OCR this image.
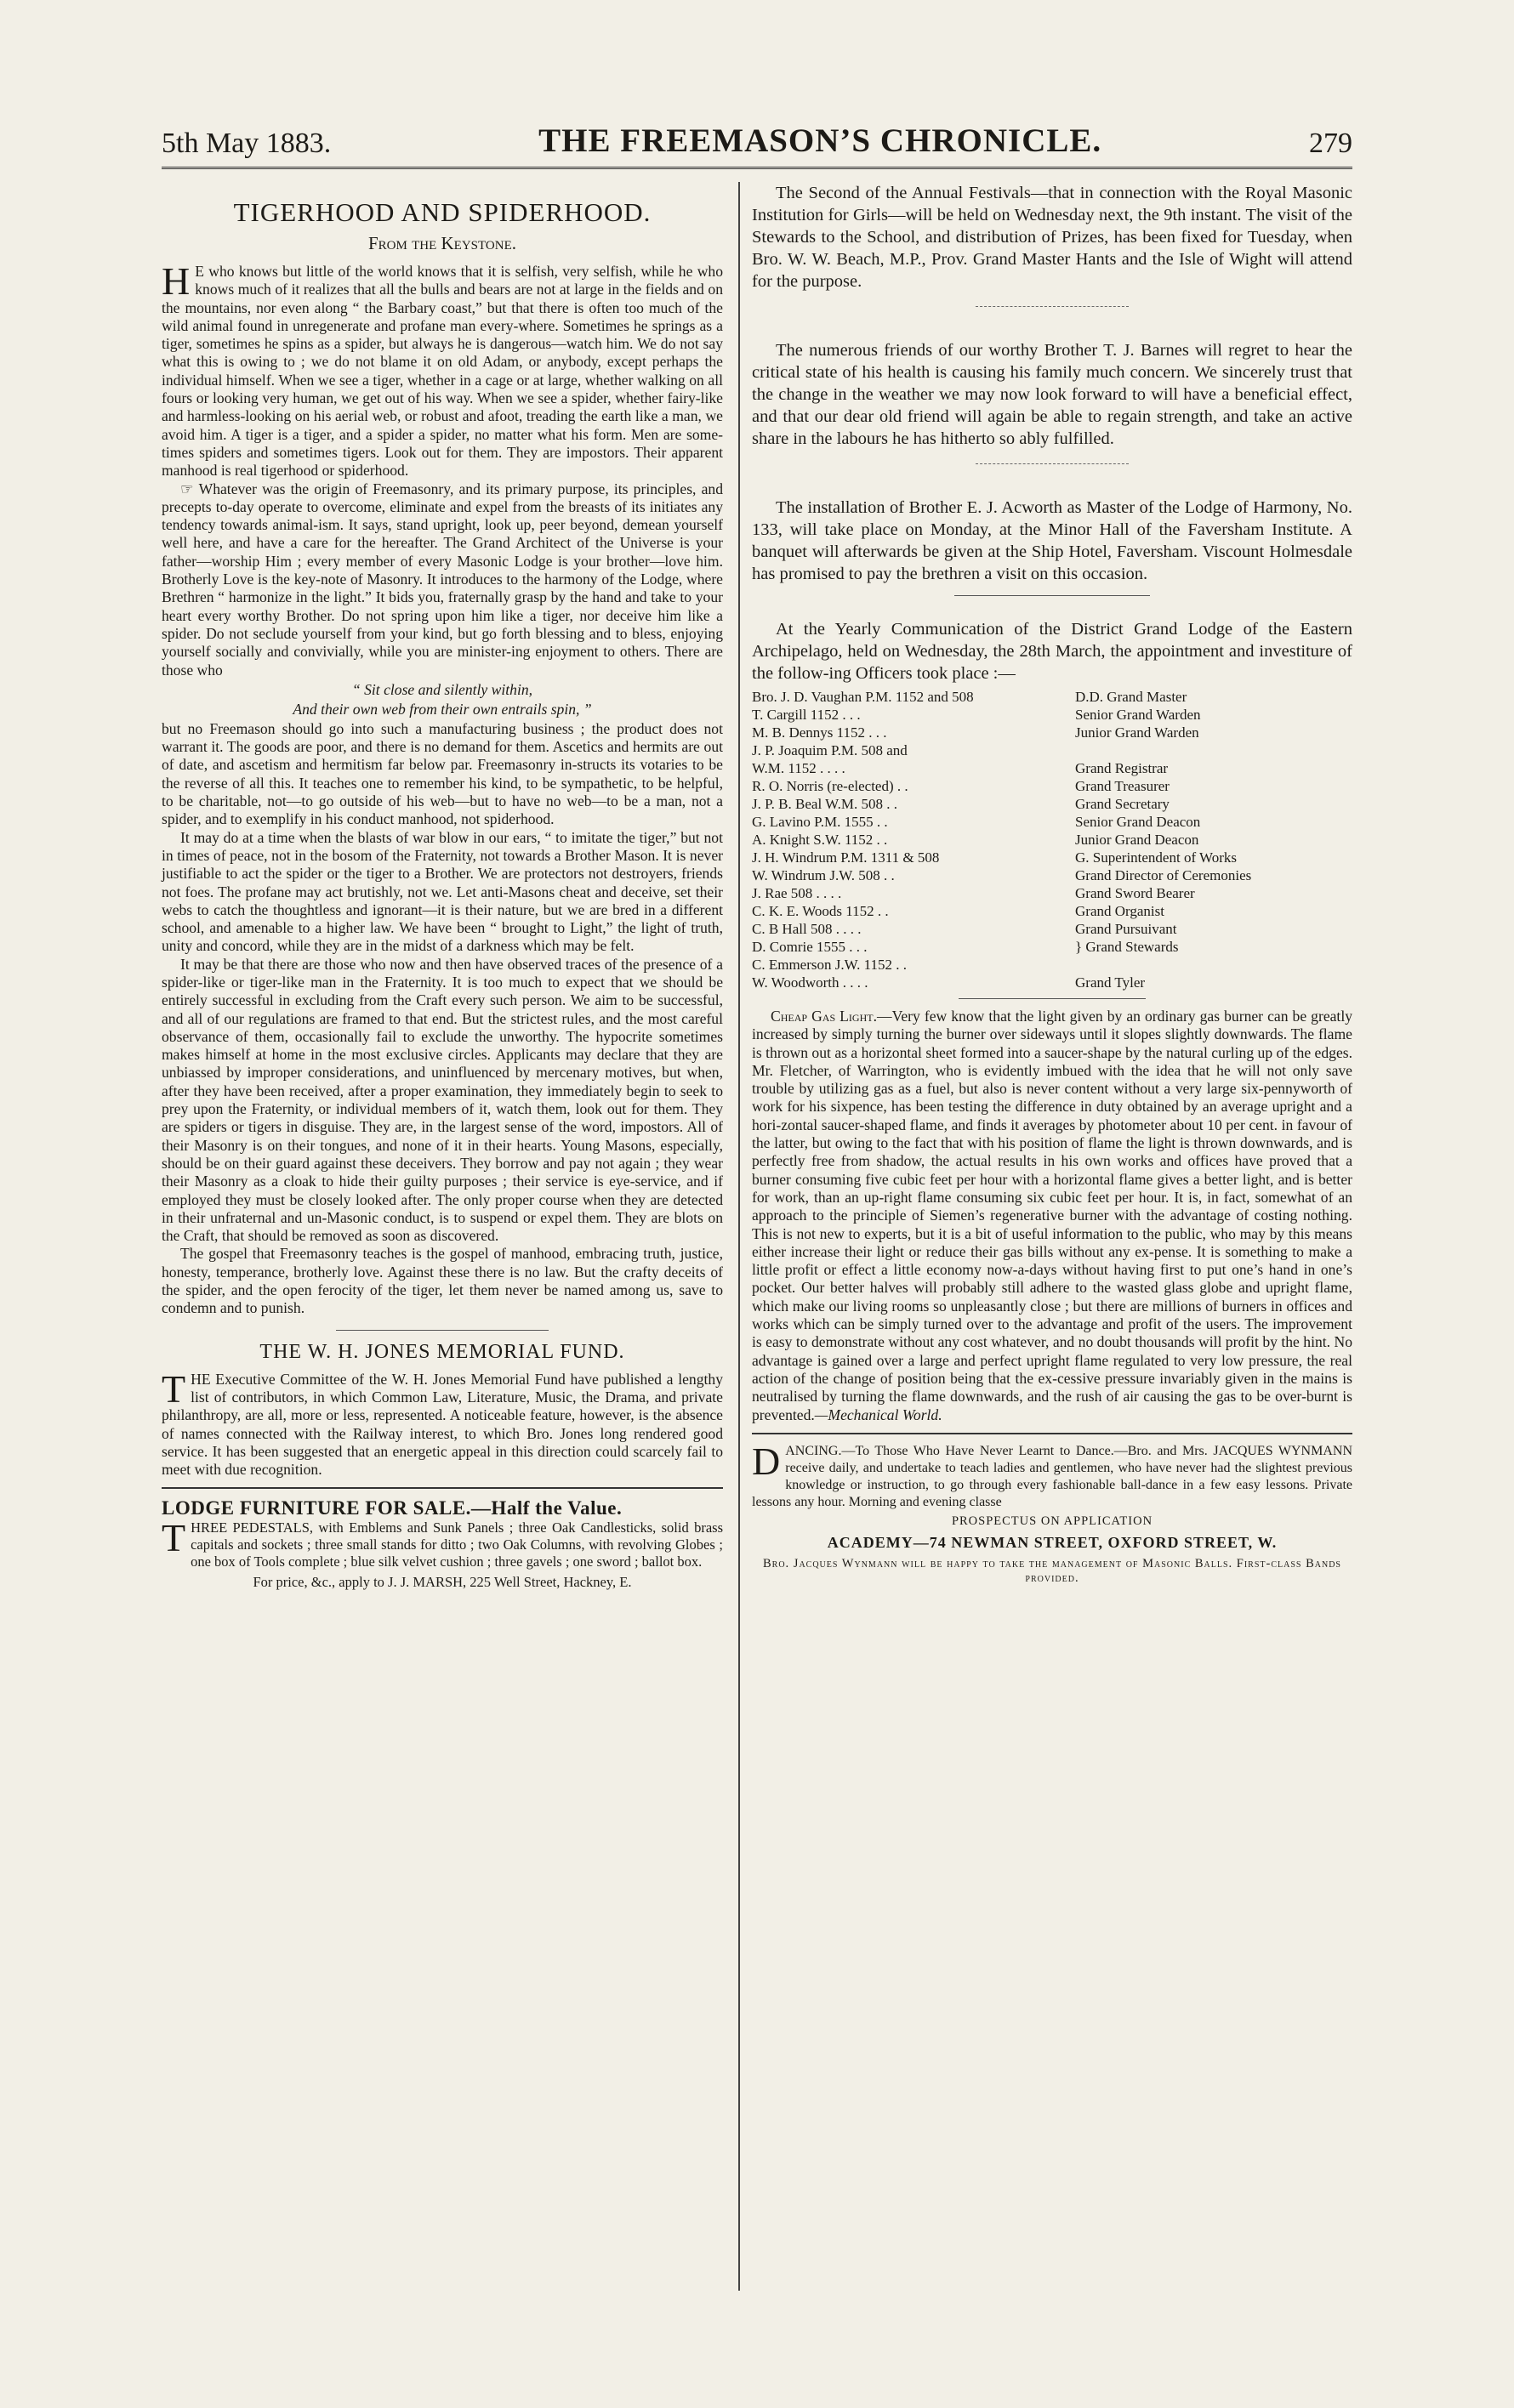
5th May 1883.	THE FREEMASON’S CHRONICLE.	279
TIGERHOOD AND SPIDERHOOD.
From the Keystone.

H E who knows but little of the world knows that it is selfish, very selfish, while he who knows much of it realizes that all the bulls and bears are not at large in the fields and on the mountains, nor even along “ the Barbary coast,” but that there is often too much of the wild animal found in unregenerate and profane man every-where. Sometimes he springs as a tiger, sometimes he spins as a spider, but always he is dangerous—watch him. We do not say what this is owing to ; we do not blame it on old Adam, or anybody, except perhaps the individual himself. When we see a tiger, whether in a cage or at large, whether walking on all fours or looking very human, we get out of his way. When we see a spider, whether fairy-like and harmless-looking on his aerial web, or robust and afoot, treading the earth like a man, we avoid him. A tiger is a tiger, and a spider a spider, no matter what his form. Men are some-times spiders and sometimes tigers. Look out for them. They are impostors. Their apparent manhood is real tigerhood or spiderhood.

☞ Whatever was the origin of Freemasonry, and its primary purpose, its principles, and precepts to-day operate to overcome, eliminate and expel from the breasts of its initiates any tendency towards animal-ism. It says, stand upright, look up, peer beyond, demean yourself well here, and have a care for the hereafter. The Grand Architect of the Universe is your father—worship Him ; every member of every Masonic Lodge is your brother—love him. Brotherly Love is the key-note of Masonry. It introduces to the harmony of the Lodge, where Brethren “ harmonize in the light.” It bids you, fraternally grasp by the hand and take to your heart every worthy Brother. Do not spring upon him like a tiger, nor deceive him like a spider. Do not seclude yourself from your kind, but go forth blessing and to bless, enjoying yourself socially and convivially, while you are minister-ing enjoyment to others. There are those who

“ Sit close and silently within,
And their own web from their own entrails spin, ”

but no Freemason should go into such a manufacturing business ; the product does not warrant it. The goods are poor, and there is no demand for them. Ascetics and hermits are out of date, and ascetism and hermitism far below par. Freemasonry in-structs its votaries to be the reverse of all this. It teaches one to remember his kind, to be sympathetic, to be helpful, to be charitable, not—to go outside of his web—but to have no web—to be a man, not a spider, and to exemplify in his conduct manhood, not spiderhood.

It may do at a time when the blasts of war blow in our ears, “ to imitate the tiger,” but not in times of peace, not in the bosom of the Fraternity, not towards a Brother Mason. It is never justifiable to act the spider or the tiger to a Brother. We are protectors not destroyers, friends not foes. The profane may act brutishly, not we. Let anti-Masons cheat and deceive, set their webs to catch the thoughtless and ignorant—it is their nature, but we are bred in a different school, and amenable to a higher law. We have been “ brought to Light,” the light of truth, unity and concord, while they are in the midst of a darkness which may be felt.

It may be that there are those who now and then have observed traces of the presence of a spider-like or tiger-like man in the Fraternity. It is too much to expect that we should be entirely successful in excluding from the Craft every such person. We aim to be successful, and all of our regulations are framed to that end. But the strictest rules, and the most careful observance of them, occasionally fail to exclude the unworthy. The hypocrite sometimes makes himself at home in the most exclusive circles. Applicants may declare that they are unbiassed by improper considerations, and uninfluenced by mercenary motives, but when, after they have been received, after a proper examination, they immediately begin to seek to prey upon the Fraternity, or individual members of it, watch them, look out for them. They are spiders or tigers in disguise. They are, in the largest sense of the word, impostors. All of their Masonry is on their tongues, and none of it in their hearts. Young Masons, especially, should be on their guard against these deceivers. They borrow and pay not again ; they wear their Masonry as a cloak to hide their guilty purposes ; their service is eye-service, and if employed they must be closely looked after. The only proper course when they are detected in their unfraternal and un-Masonic conduct, is to suspend or expel them. They are blots on the Craft, that should be removed as soon as discovered.

The gospel that Freemasonry teaches is the gospel of manhood, embracing truth, justice, honesty, temperance, brotherly love. Against these there is no law. But the crafty deceits of the spider, and the open ferocity of the tiger, let them never be named among us, save to condemn and to punish.

THE W. H. JONES MEMORIAL FUND.

THE Executive Committee of the W. H. Jones Memorial Fund have published a lengthy list of contributors, in which Common Law, Literature, Music, the Drama, and private philanthropy, are all, more or less, represented. A noticeable feature, however, is the absence of names connected with the Railway interest, to which Bro. Jones long rendered good service. It has been suggested that an energetic appeal in this direction could scarcely fail to meet with due recognition.

LODGE FURNITURE FOR SALE.—Half the Value.
THREE PEDESTALS, with Emblems and Sunk Panels ; three Oak Candlesticks, solid brass capitals and sockets ; three small stands for ditto ; two Oak Columns, with revolving Globes ; one box of Tools complete ; blue silk velvet cushion ; three gavels ; one sword ; ballot box.
For price, &c., apply to J. J. MARSH, 225 Well Street, Hackney, E.

The Second of the Annual Festivals—that in connection with the Royal Masonic Institution for Girls—will be held on Wednesday next, the 9th instant. The visit of the Stewards to the School, and distribution of Prizes, has been fixed for Tuesday, when Bro. W. W. Beach, M.P., Prov. Grand Master Hants and the Isle of Wight will attend for the purpose.

The numerous friends of our worthy Brother T. J. Barnes will regret to hear the critical state of his health is causing his family much concern. We sincerely trust that the change in the weather we may now look forward to will have a beneficial effect, and that our dear old friend will again be able to regain strength, and take an active share in the labours he has hitherto so ably fulfilled.

The installation of Brother E. J. Acworth as Master of the Lodge of Harmony, No. 133, will take place on Monday, at the Minor Hall of the Faversham Institute. A banquet will afterwards be given at the Ship Hotel, Faversham. Viscount Holmesdale has promised to pay the brethren a visit on this occasion.

At the Yearly Communication of the District Grand Lodge of the Eastern Archipelago, held on Wednesday, the 28th March, the appointment and investiture of the follow-ing Officers took place :—

Bro. J. D. Vaughan P.M. 1152 and 508	D.D. Grand Master
T. Cargill 1152 . . .	Senior Grand Warden
M. B. Dennys 1152 . . .	Junior Grand Warden
J. P. Joaquim P.M. 508 and
W.M. 1152 . . . .	Grand Registrar
R. O. Norris (re-elected) . .	Grand Treasurer
J. P. B. Beal W.M. 508 . .	Grand Secretary
G. Lavino P.M. 1555 . .	Senior Grand Deacon
A. Knight S.W. 1152 . .	Junior Grand Deacon
J. H. Windrum P.M. 1311 & 508	G. Superintendent of Works
W. Windrum J.W. 508 . .	Grand Director of Ceremonies
J. Rae 508 . . . .	Grand Sword Bearer
C. K. E. Woods 1152 . .	Grand Organist
C. B Hall 508 . . . .	Grand Pursuivant
D. Comrie 1555 . . .	} Grand Stewards
C. Emmerson J.W. 1152 . .
W. Woodworth . . . .	Grand Tyler

Cheap Gas Light.—Very few know that the light given by an ordinary gas burner can be greatly increased by simply turning the burner over sideways until it slopes slightly downwards. The flame is thrown out as a horizontal sheet formed into a saucer-shape by the natural curling up of the edges. Mr. Fletcher, of Warrington, who is evidently imbued with the idea that he will not only save trouble by utilizing gas as a fuel, but also is never content without a very large six-pennyworth of work for his sixpence, has been testing the difference in duty obtained by an average upright and a hori-zontal saucer-shaped flame, and finds it averages by photometer about 10 per cent. in favour of the latter, but owing to the fact that with his position of flame the light is thrown downwards, and is perfectly free from shadow, the actual results in his own works and offices have proved that a burner consuming five cubic feet per hour with a horizontal flame gives a better light, and is better for work, than an up-right flame consuming six cubic feet per hour. It is, in fact, somewhat of an approach to the principle of Siemen’s regenerative burner with the advantage of costing nothing. This is not new to experts, but it is a bit of useful information to the public, who may by this means either increase their light or reduce their gas bills without any ex-pense. It is something to make a little profit or effect a little economy now-a-days without having first to put one’s hand in one’s pocket. Our better halves will probably still adhere to the wasted glass globe and upright flame, which make our living rooms so unpleasantly close ; but there are millions of burners in offices and works which can be simply turned over to the advantage and profit of the users. The improvement is easy to demonstrate without any cost whatever, and no doubt thousands will profit by the hint. No advantage is gained over a large and perfect upright flame regulated to very low pressure, the real action of the change of position being that the ex-cessive pressure invariably given in the mains is neutralised by turning the flame downwards, and the rush of air causing the gas to be over-burnt is prevented.—Mechanical World.

DANCING.—To Those Who Have Never Learnt to Dance.—Bro. and Mrs. JACQUES WYNMANN receive daily, and undertake to teach ladies and gentlemen, who have never had the slightest previous knowledge or instruction, to go through every fashionable ball-dance in a few easy lessons. Private lessons any hour. Morning and evening classe
PROSPECTUS ON APPLICATION
ACADEMY—74 NEWMAN STREET, OXFORD STREET, W.
Bro. Jacques Wynmann will be happy to take the management of Masonic Balls. First-class Bands provided.
